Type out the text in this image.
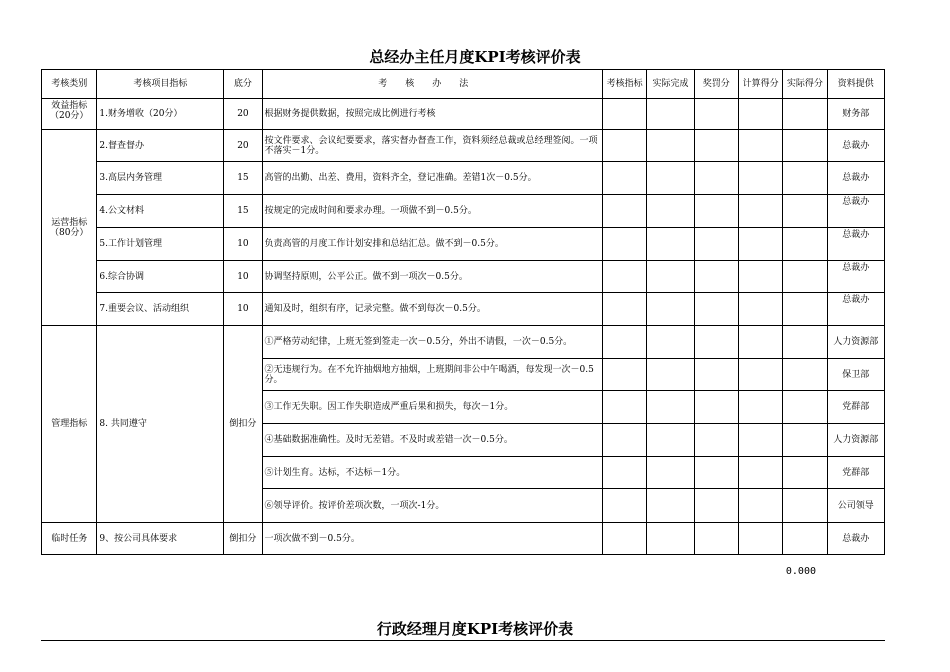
总经办主任月度KPI考核评价表
考核类别	考核项目指标	底分	考核办法	考核指标	实际完成	奖罚分	计算得分	实际得分	资料提供
效益指标（20分）	1.财务增收（20分）	20	根据财务提供数据，按照完成比例进行考核						财务部
运营指标（80分）	2.督查督办	20	按文件要求、会议纪要要求，落实督办督查工作，资料须经总裁或总经理签阅。一项不落实－1分。						总裁办
	3.高层内务管理	15	高管的出勤、出差、费用，资料齐全，登记准确。差错1次－0.5分。						总裁办
	4.公文材料	15	按规定的完成时间和要求办理。一项做不到－0.5分。						总裁办
	5.工作计划管理	10	负责高管的月度工作计划安排和总结汇总。做不到－0.5分。						总裁办
	6.综合协调	10	协调坚持原则，公平公正。做不到一项次－0.5分。						总裁办
	7.重要会议、活动组织	10	通知及时，组织有序，记录完整。做不到每次－0.5分。						总裁办
管理指标	8. 共同遵守	倒扣分	①严格劳动纪律，上班无签到签走一次－0.5分，外出不请假，一次－0.5分。						人力资源部
			②无违规行为。在不允许抽烟地方抽烟，上班期间非公中午喝酒，每发现一次－0.5分。						保卫部
			③工作无失职。因工作失职造成严重后果和损失，每次－1分。						党群部
			④基础数据准确性。及时无差错。不及时或差错一次－0.5分。						人力资源部
			⑤计划生育。达标，不达标－1分。						党群部
			⑥领导评价。按评价差项次数，一项次-1分。						公司领导
临时任务	9、按公司具体要求	倒扣分	一项次做不到－0.5分。						总裁办
0.000
行政经理月度KPI考核评价表
